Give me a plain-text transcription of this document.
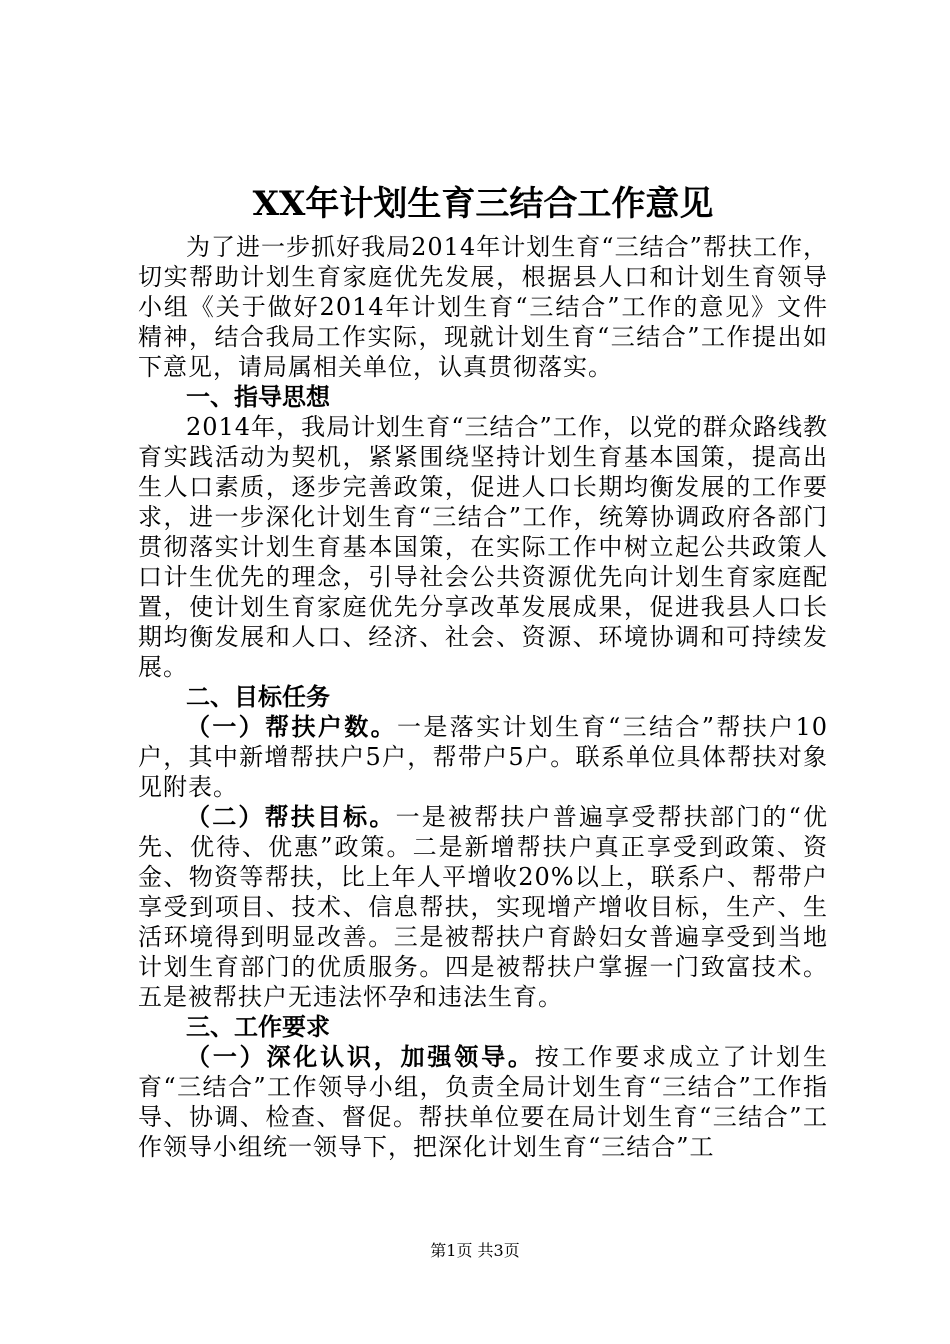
XX年计划生育三结合工作意见

为了进一步抓好我局2014年计划生育“三结合”帮扶工作，切实帮助计划生育家庭优先发展，根据县人口和计划生育领导小组《关于做好2014年计划生育“三结合”工作的意见》文件精神，结合我局工作实际，现就计划生育“三结合”工作提出如下意见，请局属相关单位，认真贯彻落实。

一、指导思想

2014年，我局计划生育“三结合”工作，以党的群众路线教育实践活动为契机，紧紧围绕坚持计划生育基本国策，提高出生人口素质，逐步完善政策，促进人口长期均衡发展的工作要求，进一步深化计划生育“三结合”工作，统筹协调政府各部门贯彻落实计划生育基本国策，在实际工作中树立起公共政策人口计生优先的理念，引导社会公共资源优先向计划生育家庭配置，使计划生育家庭优先分享改革发展成果，促进我县人口长期均衡发展和人口、经济、社会、资源、环境协调和可持续发展。

二、目标任务

（一）帮扶户数。一是落实计划生育“三结合”帮扶户10户，其中新增帮扶户5户，帮带户5户。联系单位具体帮扶对象见附表。

（二）帮扶目标。一是被帮扶户普遍享受帮扶部门的“优先、优待、优惠”政策。二是新增帮扶户真正享受到政策、资金、物资等帮扶，比上年人平增收20%以上，联系户、帮带户享受到项目、技术、信息帮扶，实现增产增收目标，生产、生活环境得到明显改善。三是被帮扶户育龄妇女普遍享受到当地计划生育部门的优质服务。四是被帮扶户掌握一门致富技术。五是被帮扶户无违法怀孕和违法生育。

三、工作要求

（一）深化认识，加强领导。按工作要求成立了计划生育“三结合”工作领导小组，负责全局计划生育“三结合”工作指导、协调、检查、督促。帮扶单位要在局计划生育“三结合”工作领导小组统一领导下，把深化计划生育“三结合”工

第1页 共3页
